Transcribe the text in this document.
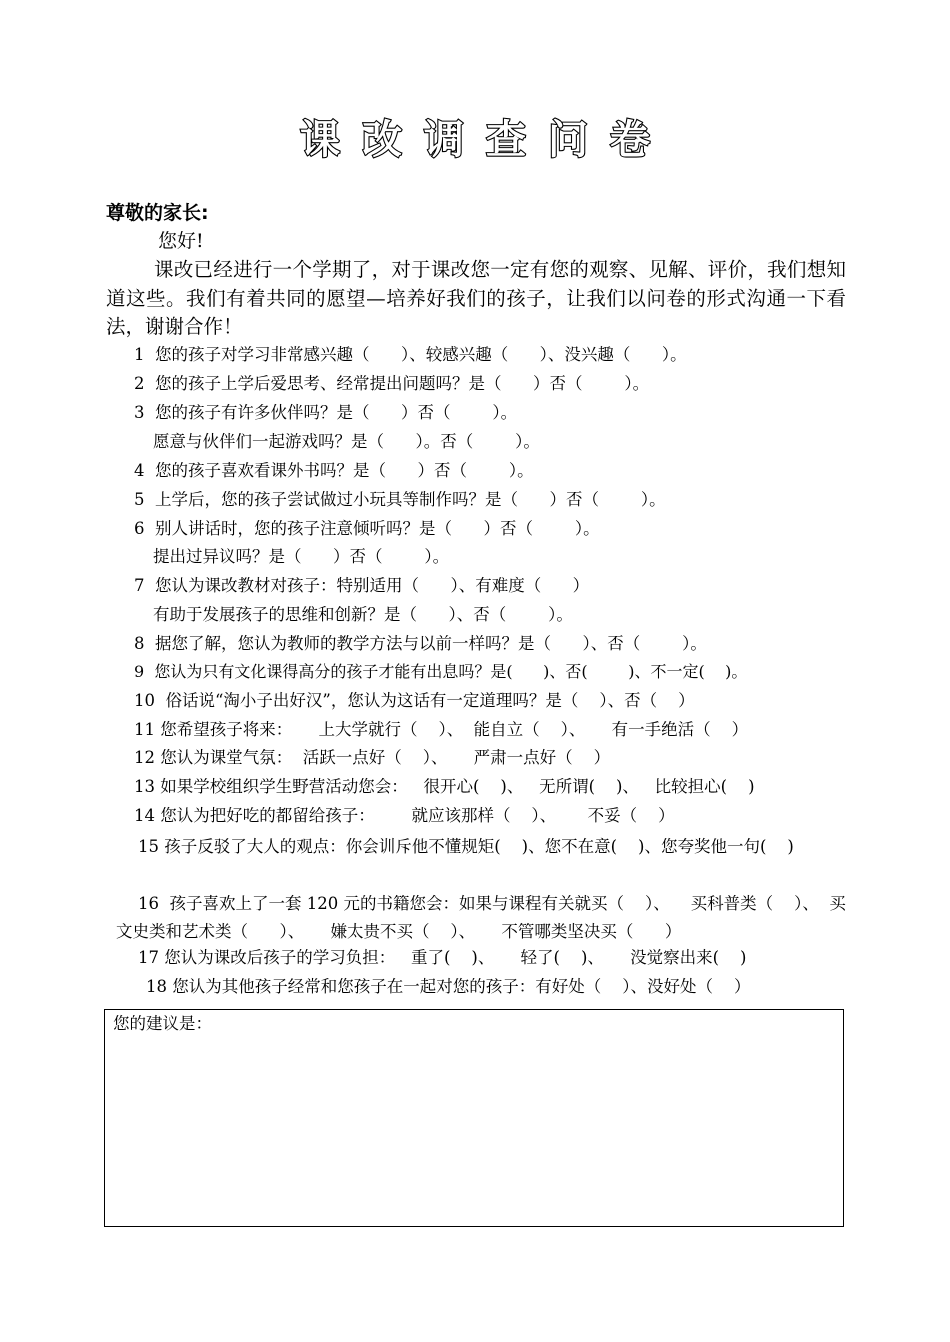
课改调查问卷
尊敬的家长:
您好!
课改已经进行一个学期了，对于课改您一定有您的观察、见解、评价，我们想知道这些。我们有着共同的愿望—培养好我们的孩子，让我们以问卷的形式沟通一下看法，谢谢合作！
1  您的孩子对学习非常感兴趣（      ）、较感兴趣（      ）、没兴趣（      ）。
2  您的孩子上学后爱思考、经常提出问题吗？是（      ）否（        ）。
3  您的孩子有许多伙伴吗？是（      ）否（        ）。
愿意与伙伴们一起游戏吗？是（      ）。否（        ）。
4  您的孩子喜欢看课外书吗？是（      ）否（        ）。
5  上学后，您的孩子尝试做过小玩具等制作吗？是（      ）否（        ）。
6  别人讲话时，您的孩子注意倾听吗？是（      ）否（        ）。
提出过异议吗？是（      ）否（        ）。
7  您认为课改教材对孩子：特别适用（      ）、有难度（      ）
有助于发展孩子的思维和创新？是（      ）、否（        ）。
8  据您了解，您认为教师的教学方法与以前一样吗？是（      ）、否（        ）。
9  您认为只有文化课得高分的孩子才能有出息吗？是(      )、否(        )、不一定(    )。
10  俗话说“淘小子出好汉”，您认为这话有一定道理吗？是（    ）、否（    ）
11 您希望孩子将来：     上大学就行（    ）、  能自立（    ）、     有一手绝活（    ）
12 您认为课堂气氛：  活跃一点好（    ）、     严肃一点好（    ）
13 如果学校组织学生野营活动您会：   很开心(    )、   无所谓(    )、   比较担心(    )
14 您认为把好吃的都留给孩子：       就应该那样（    ）、      不妥（    ）
15 孩子反驳了大人的观点：你会训斥他不懂规矩(    )、您不在意(    )、您夸奖他一句(    )
16  孩子喜欢上了一套 120 元的书籍您会：如果与课程有关就买（    ）、    买科普类（    ）、  买文史类和艺术类（      ）、     嫌太贵不买（    ）、     不管哪类坚决买（      ）
17 您认为课改后孩子的学习负担：   重了(    )、     轻了(    )、     没觉察出来(    )
18 您认为其他孩子经常和您孩子在一起对您的孩子：有好处（    ）、没好处（    ）
您的建议是：
